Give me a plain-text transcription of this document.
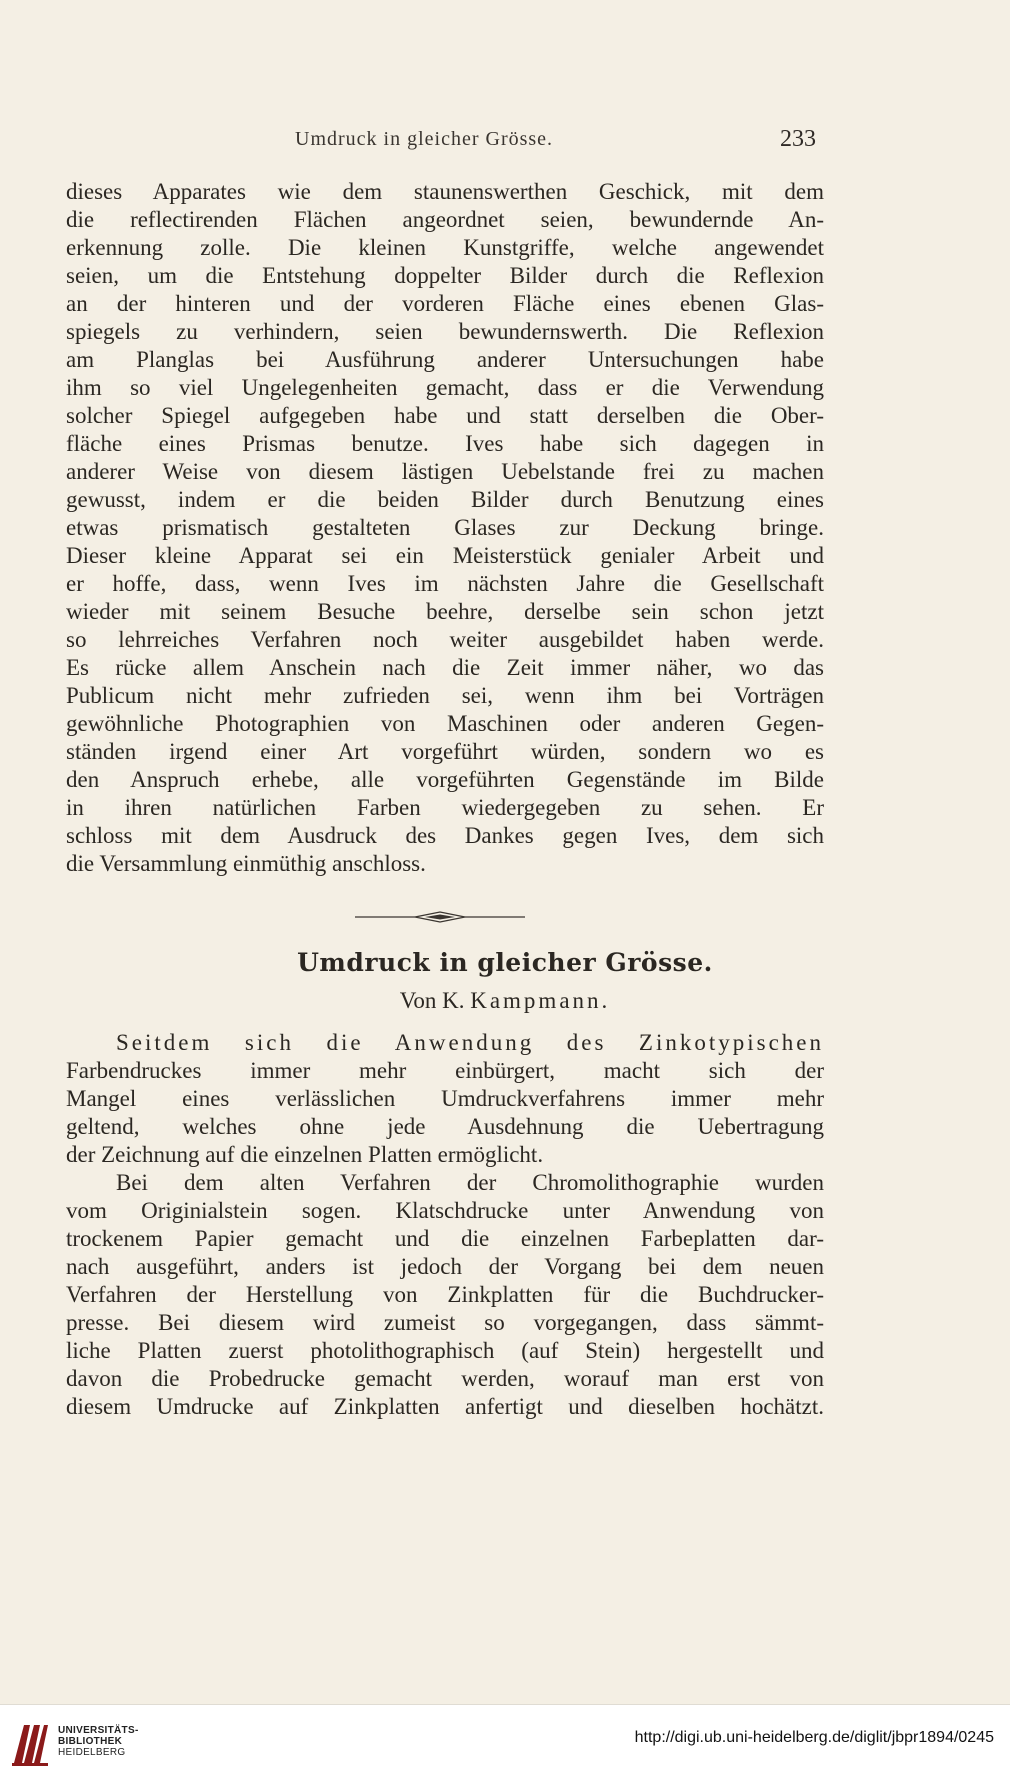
Umdruck in gleicher Grösse.	233
dieses Apparates wie dem staunenswerthen Geschick, mit dem
die reflectirenden Flächen angeordnet seien, bewundernde An-
erkennung zolle. Die kleinen Kunstgriffe, welche angewendet
seien, um die Entstehung doppelter Bilder durch die Reflexion
an der hinteren und der vorderen Fläche eines ebenen Glas-
spiegels zu verhindern, seien bewundernswerth. Die Reflexion
am Planglas bei Ausführung anderer Untersuchungen habe
ihm so viel Ungelegenheiten gemacht, dass er die Verwendung
solcher Spiegel aufgegeben habe und statt derselben die Ober-
fläche eines Prismas benutze. Ives habe sich dagegen in
anderer Weise von diesem lästigen Uebelstande frei zu machen
gewusst, indem er die beiden Bilder durch Benutzung eines
etwas prismatisch gestalteten Glases zur Deckung bringe.
Dieser kleine Apparat sei ein Meisterstück genialer Arbeit und
er hoffe, dass, wenn Ives im nächsten Jahre die Gesellschaft
wieder mit seinem Besuche beehre, derselbe sein schon jetzt
so lehrreiches Verfahren noch weiter ausgebildet haben werde.
Es rücke allem Anschein nach die Zeit immer näher, wo das
Publicum nicht mehr zufrieden sei, wenn ihm bei Vorträgen
gewöhnliche Photographien von Maschinen oder anderen Gegen-
ständen irgend einer Art vorgeführt würden, sondern wo es
den Anspruch erhebe, alle vorgeführten Gegenstände im Bilde
in ihren natürlichen Farben wiedergegeben zu sehen. Er
schloss mit dem Ausdruck des Dankes gegen Ives, dem sich
die Versammlung einmüthig anschloss.
Umdruck in gleicher Grösse.
Von K. Kampmann.
Seitdem sich die Anwendung des Zinkotypischen
Farbendruckes immer mehr einbürgert, macht sich der
Mangel eines verlässlichen Umdruckverfahrens immer mehr
geltend, welches ohne jede Ausdehnung die Uebertragung
der Zeichnung auf die einzelnen Platten ermöglicht.
Bei dem alten Verfahren der Chromolithographie wurden
vom Originialstein sogen. Klatschdrucke unter Anwendung von
trockenem Papier gemacht und die einzelnen Farbeplatten dar-
nach ausgeführt, anders ist jedoch der Vorgang bei dem neuen
Verfahren der Herstellung von Zinkplatten für die Buchdrucker-
presse. Bei diesem wird zumeist so vorgegangen, dass sämmt-
liche Platten zuerst photolithographisch (auf Stein) hergestellt und
davon die Probedrucke gemacht werden, worauf man erst von
diesem Umdrucke auf Zinkplatten anfertigt und dieselben hochätzt.
UNIVERSITÄTS-
BIBLIOTHEK
HEIDELBERG
http://digi.ub.uni-heidelberg.de/diglit/jbpr1894/0245
